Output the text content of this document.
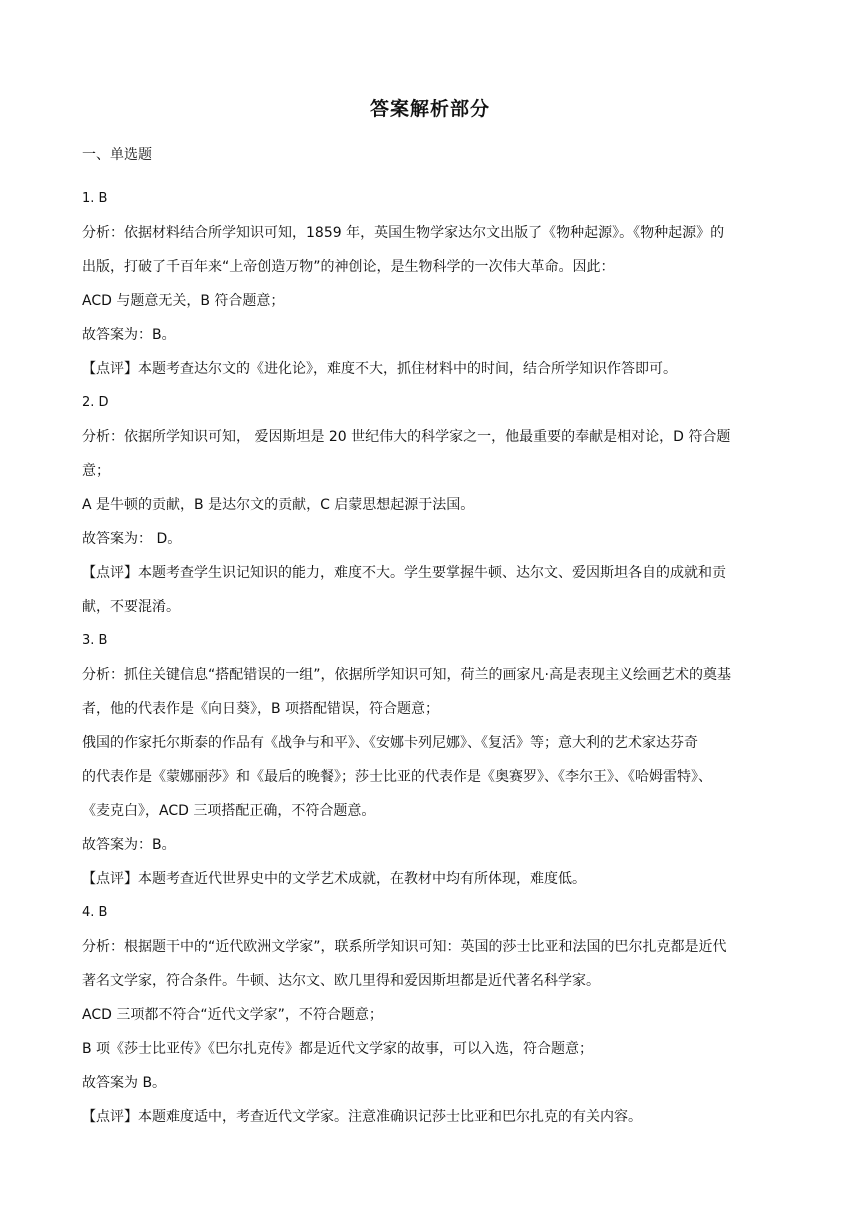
答案解析部分
一、单选题
1. B
分析：依据材料结合所学知识可知，1859 年，英国生物学家达尔文出版了《物种起源》。《物种起源》的
出版，打破了千百年来“上帝创造万物”的神创论，是生物科学的一次伟大革命。因此：
ACD 与题意无关，B 符合题意；
故答案为：B。
【点评】本题考查达尔文的《进化论》，难度不大，抓住材料中的时间，结合所学知识作答即可。
2. D
分析：依据所学知识可知， 爱因斯坦是 20 世纪伟大的科学家之一，他最重要的奉献是相对论，D 符合题
意；
A 是牛顿的贡献，B 是达尔文的贡献，C 启蒙思想起源于法国。
故答案为： D。
【点评】本题考查学生识记知识的能力，难度不大。学生要掌握牛顿、达尔文、爱因斯坦各自的成就和贡
献，不要混淆。
3. B
分析：抓住关键信息“搭配错误的一组”，依据所学知识可知，荷兰的画家凡·高是表现主义绘画艺术的奠基
者，他的代表作是《向日葵》，B 项搭配错误，符合题意；
俄国的作家托尔斯泰的作品有《战争与和平》、《安娜卡列尼娜》、《复活》等；意大利的艺术家达芬奇
的代表作是《蒙娜丽莎》和《最后的晚餐》；莎士比亚的代表作是《奥赛罗》、《李尔王》、《哈姆雷特》、
《麦克白》，ACD 三项搭配正确，不符合题意。
故答案为：B。
【点评】本题考查近代世界史中的文学艺术成就，在教材中均有所体现，难度低。
4. B
分析：根据题干中的“近代欧洲文学家”，联系所学知识可知：英国的莎士比亚和法国的巴尔扎克都是近代
著名文学家，符合条件。牛顿、达尔文、欧几里得和爱因斯坦都是近代著名科学家。
ACD 三项都不符合“近代文学家”，不符合题意；
B 项《莎士比亚传》《巴尔扎克传》都是近代文学家的故事，可以入选，符合题意；
故答案为 B。
【点评】本题难度适中，考查近代文学家。注意准确识记莎士比亚和巴尔扎克的有关内容。
